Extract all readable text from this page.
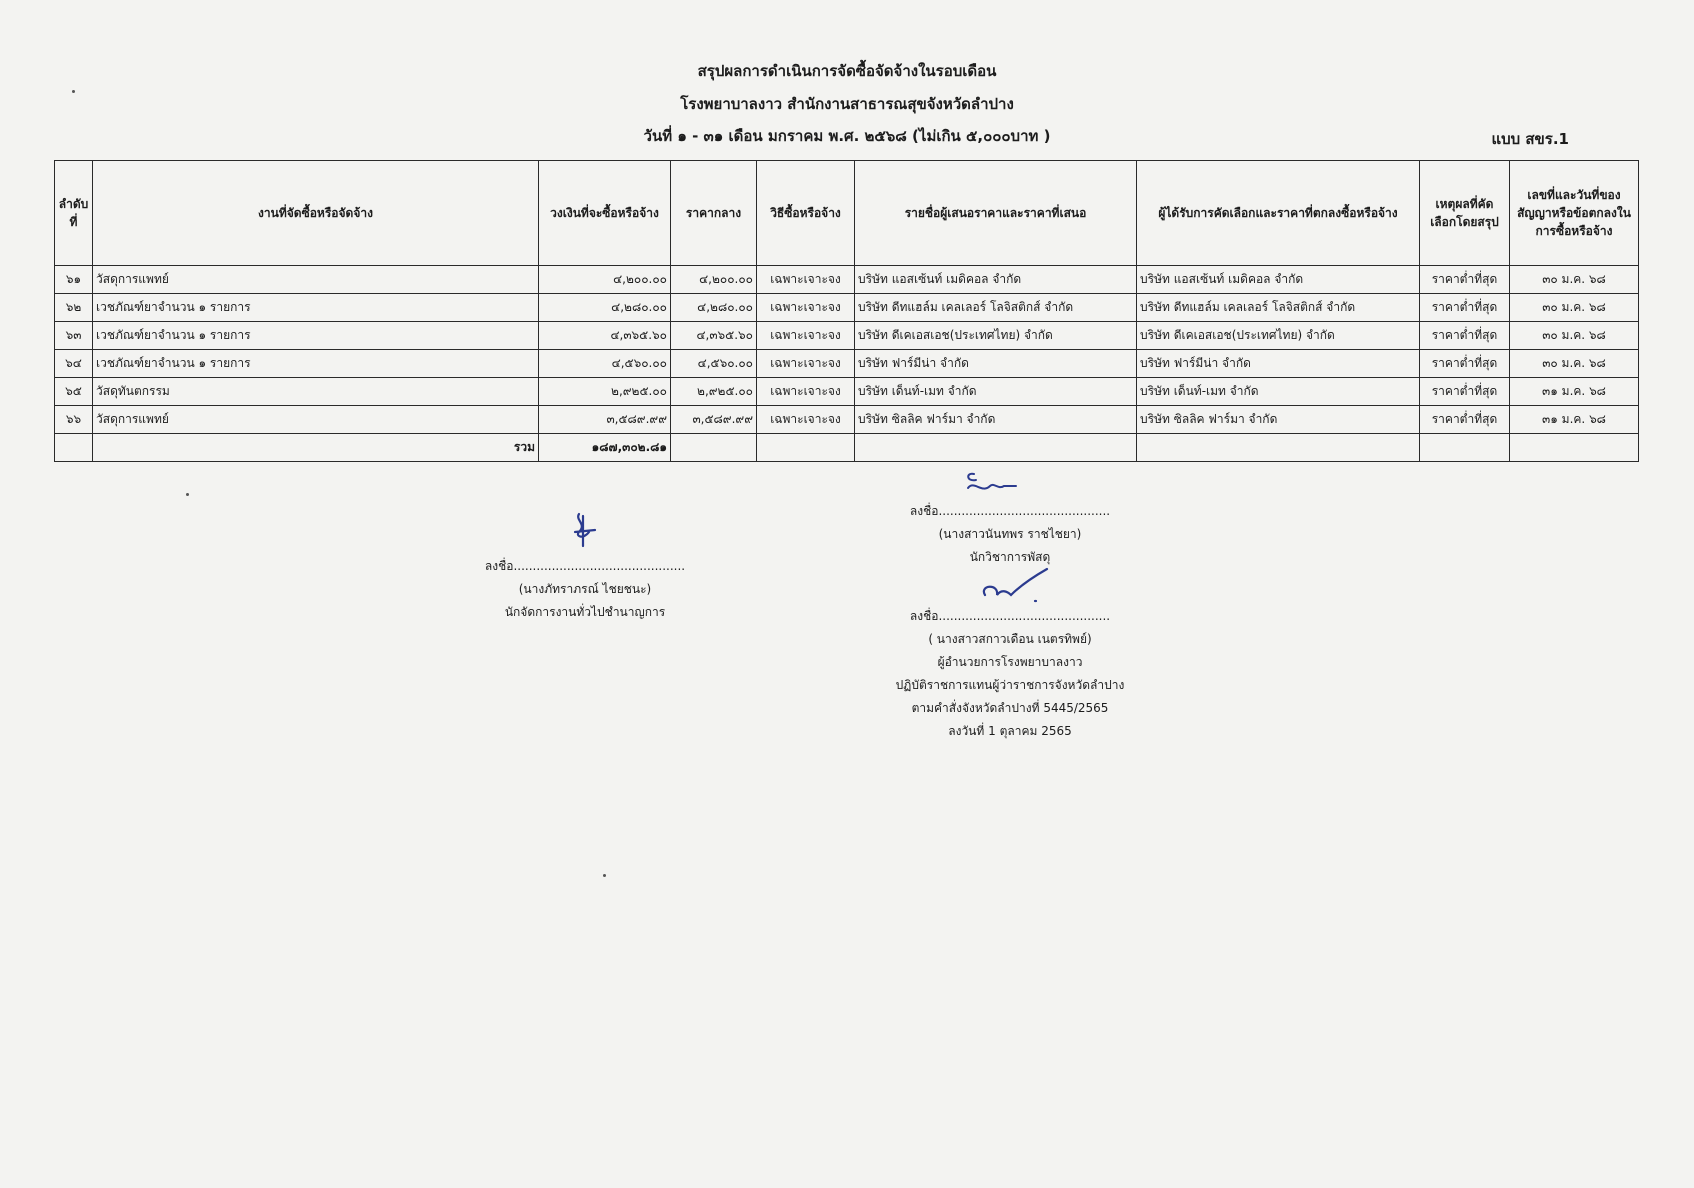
สรุปผลการดำเนินการจัดซื้อจัดจ้างในรอบเดือน
โรงพยาบาลงาว สำนักงานสาธารณสุขจังหวัดลำปาง
วันที่ ๑ - ๓๑ เดือน มกราคม พ.ศ. ๒๕๖๘ (ไม่เกิน ๕,๐๐๐บาท )	แบบ สขร.1
ลำดับที่	งานที่จัดซื้อหรือจัดจ้าง	วงเงินที่จะซื้อหรือจ้าง	ราคากลาง	วิธีซื้อหรือจ้าง	รายชื่อผู้เสนอราคาและราคาที่เสนอ	ผู้ได้รับการคัดเลือกและราคาที่ตกลงซื้อหรือจ้าง	เหตุผลที่คัดเลือกโดยสรุป	เลขที่และวันที่ของสัญญาหรือข้อตกลงในการซื้อหรือจ้าง
๖๑	วัสดุการแพทย์	๔,๒๐๐.๐๐	๔,๒๐๐.๐๐	เฉพาะเจาะจง	บริษัท แอสเซ้นท์ เมดิคอล จำกัด	บริษัท แอสเซ้นท์ เมดิคอล จำกัด	ราคาต่ำที่สุด	๓๐ ม.ค. ๖๘
๖๒	เวชภัณฑ์ยาจำนวน ๑ รายการ	๔,๒๘๐.๐๐	๔,๒๘๐.๐๐	เฉพาะเจาะจง	บริษัท ดีทแฮล์ม เคลเลอร์ โลจิสติกส์ จำกัด	บริษัท ดีทแฮล์ม เคลเลอร์ โลจิสติกส์ จำกัด	ราคาต่ำที่สุด	๓๐ ม.ค. ๖๘
๖๓	เวชภัณฑ์ยาจำนวน ๑ รายการ	๔,๓๖๕.๖๐	๔,๓๖๕.๖๐	เฉพาะเจาะจง	บริษัท ดีเคเอสเอช(ประเทศไทย) จำกัด	บริษัท ดีเคเอสเอช(ประเทศไทย) จำกัด	ราคาต่ำที่สุด	๓๐ ม.ค. ๖๘
๖๔	เวชภัณฑ์ยาจำนวน ๑ รายการ	๔,๕๖๐.๐๐	๔,๕๖๐.๐๐	เฉพาะเจาะจง	บริษัท ฟาร์มีน่า จำกัด	บริษัท ฟาร์มีน่า จำกัด	ราคาต่ำที่สุด	๓๐ ม.ค. ๖๘
๖๕	วัสดุทันตกรรม	๒,๙๒๕.๐๐	๒,๙๒๕.๐๐	เฉพาะเจาะจง	บริษัท เด็นท์-เมท จำกัด	บริษัท เด็นท์-เมท จำกัด	ราคาต่ำที่สุด	๓๑ ม.ค. ๖๘
๖๖	วัสดุการแพทย์	๓,๕๘๙.๙๙	๓,๕๘๙.๙๙	เฉพาะเจาะจง	บริษัท ซิลลิค ฟาร์มา จำกัด	บริษัท ซิลลิค ฟาร์มา จำกัด	ราคาต่ำที่สุด	๓๑ ม.ค. ๖๘
	รวม	๑๘๗,๓๐๒.๘๑						
ลงชื่อ.............................................
(นางภัทราภรณ์ ไชยชนะ)
นักจัดการงานทั่วไปชำนาญการ
ลงชื่อ.............................................
(นางสาวนันทพร ราชไชยา)
นักวิชาการพัสดุ
ลงชื่อ.............................................
( นางสาวสกาวเดือน เนตรทิพย์)
ผู้อำนวยการโรงพยาบาลงาว
ปฏิบัติราชการแทนผู้ว่าราชการจังหวัดลำปาง
ตามคำสั่งจังหวัดลำปางที่ 5445/2565
ลงวันที่ 1 ตุลาคม 2565
